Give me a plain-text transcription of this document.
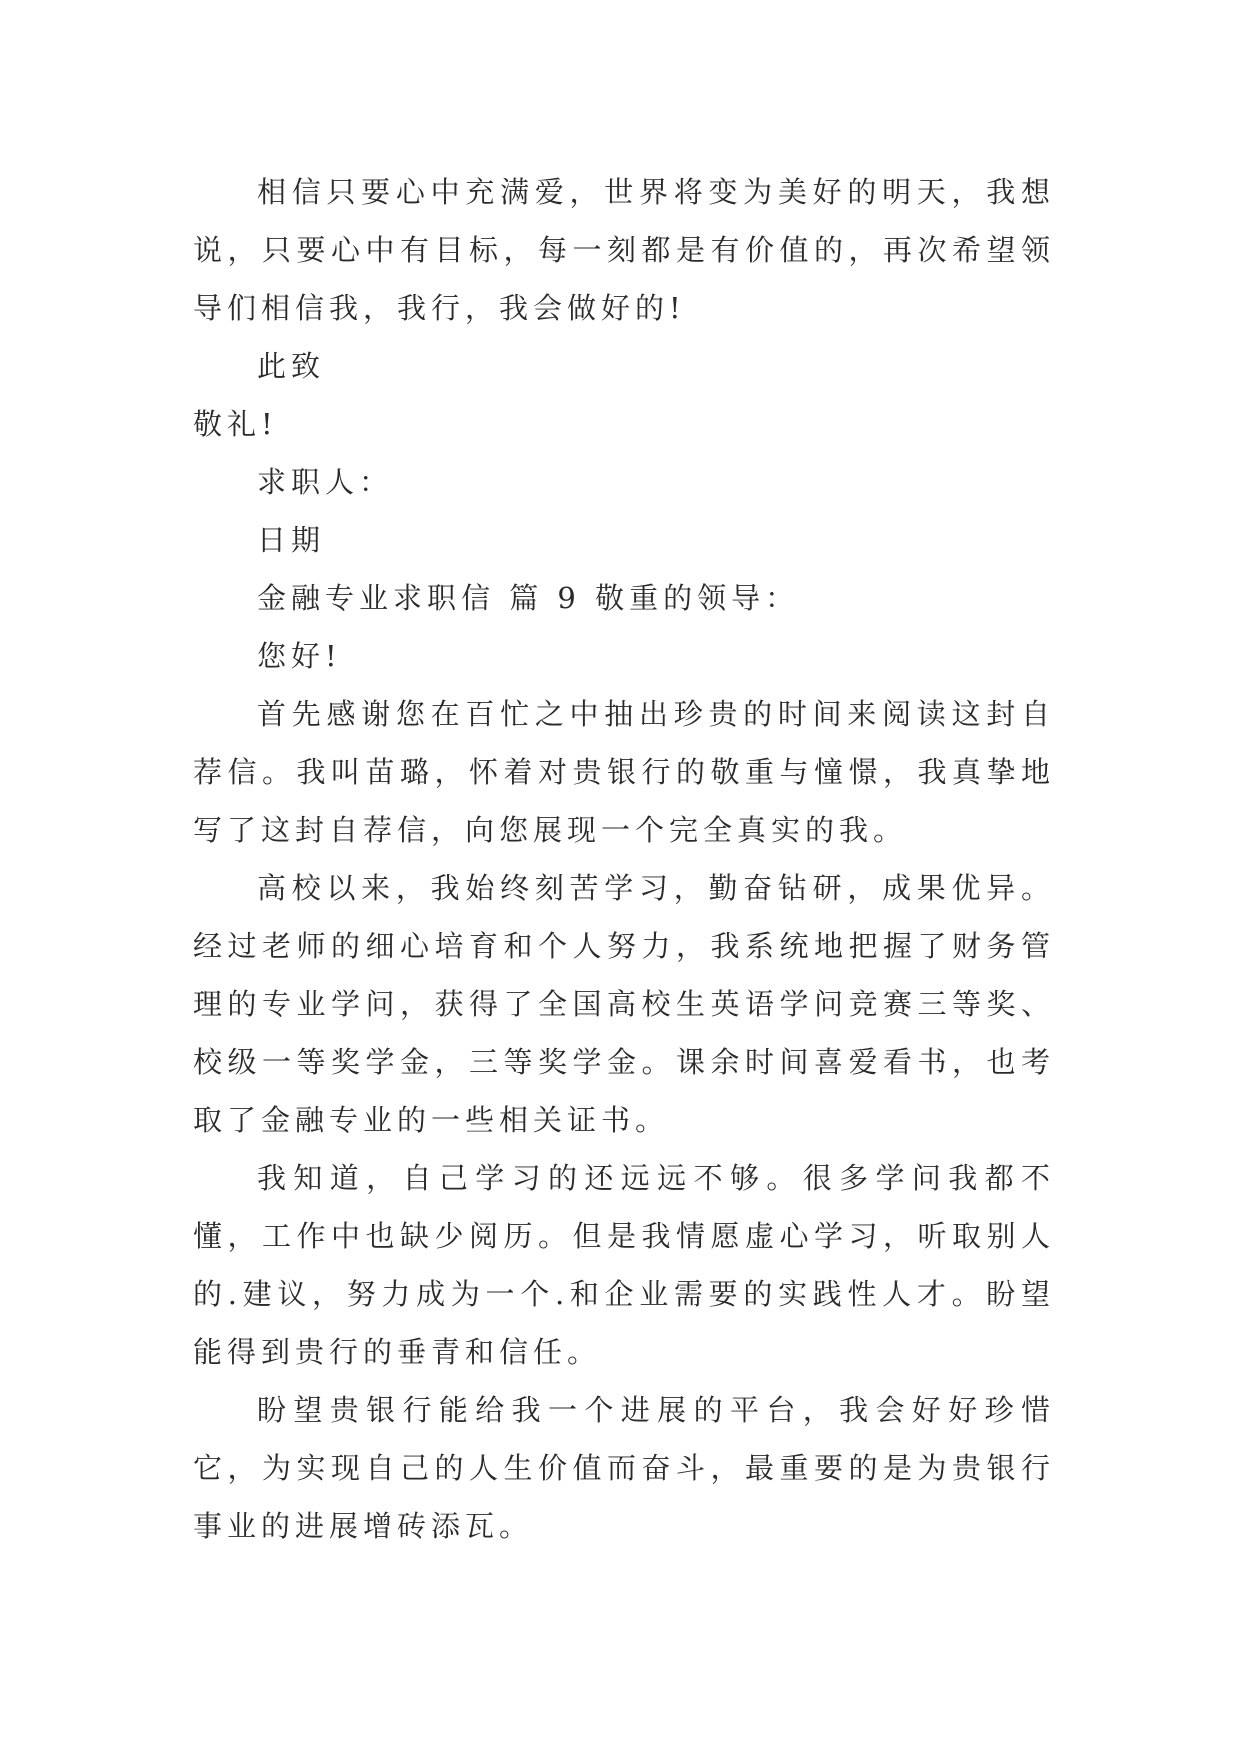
相信只要心中充满爱，世界将变为美好的明天，我想说，只要心中有目标，每一刻都是有价值的，再次希望领导们相信我，我行，我会做好的!

此致

敬礼!

求职人：

日期

金融专业求职信 篇 9 敬重的领导：

您好!

首先感谢您在百忙之中抽出珍贵的时间来阅读这封自荐信。我叫苗璐，怀着对贵银行的敬重与憧憬，我真挚地写了这封自荐信，向您展现一个完全真实的我。

高校以来，我始终刻苦学习，勤奋钻研，成果优异。经过老师的细心培育和个人努力，我系统地把握了财务管理的专业学问，获得了全国高校生英语学问竞赛三等奖、校级一等奖学金，三等奖学金。课余时间喜爱看书，也考取了金融专业的一些相关证书。

我知道，自己学习的还远远不够。很多学问我都不懂，工作中也缺少阅历。但是我情愿虚心学习，听取别人的.建议，努力成为一个.和企业需要的实践性人才。盼望能得到贵行的垂青和信任。

盼望贵银行能给我一个进展的平台，我会好好珍惜它，为实现自己的人生价值而奋斗，最重要的是为贵银行事业的进展增砖添瓦。
